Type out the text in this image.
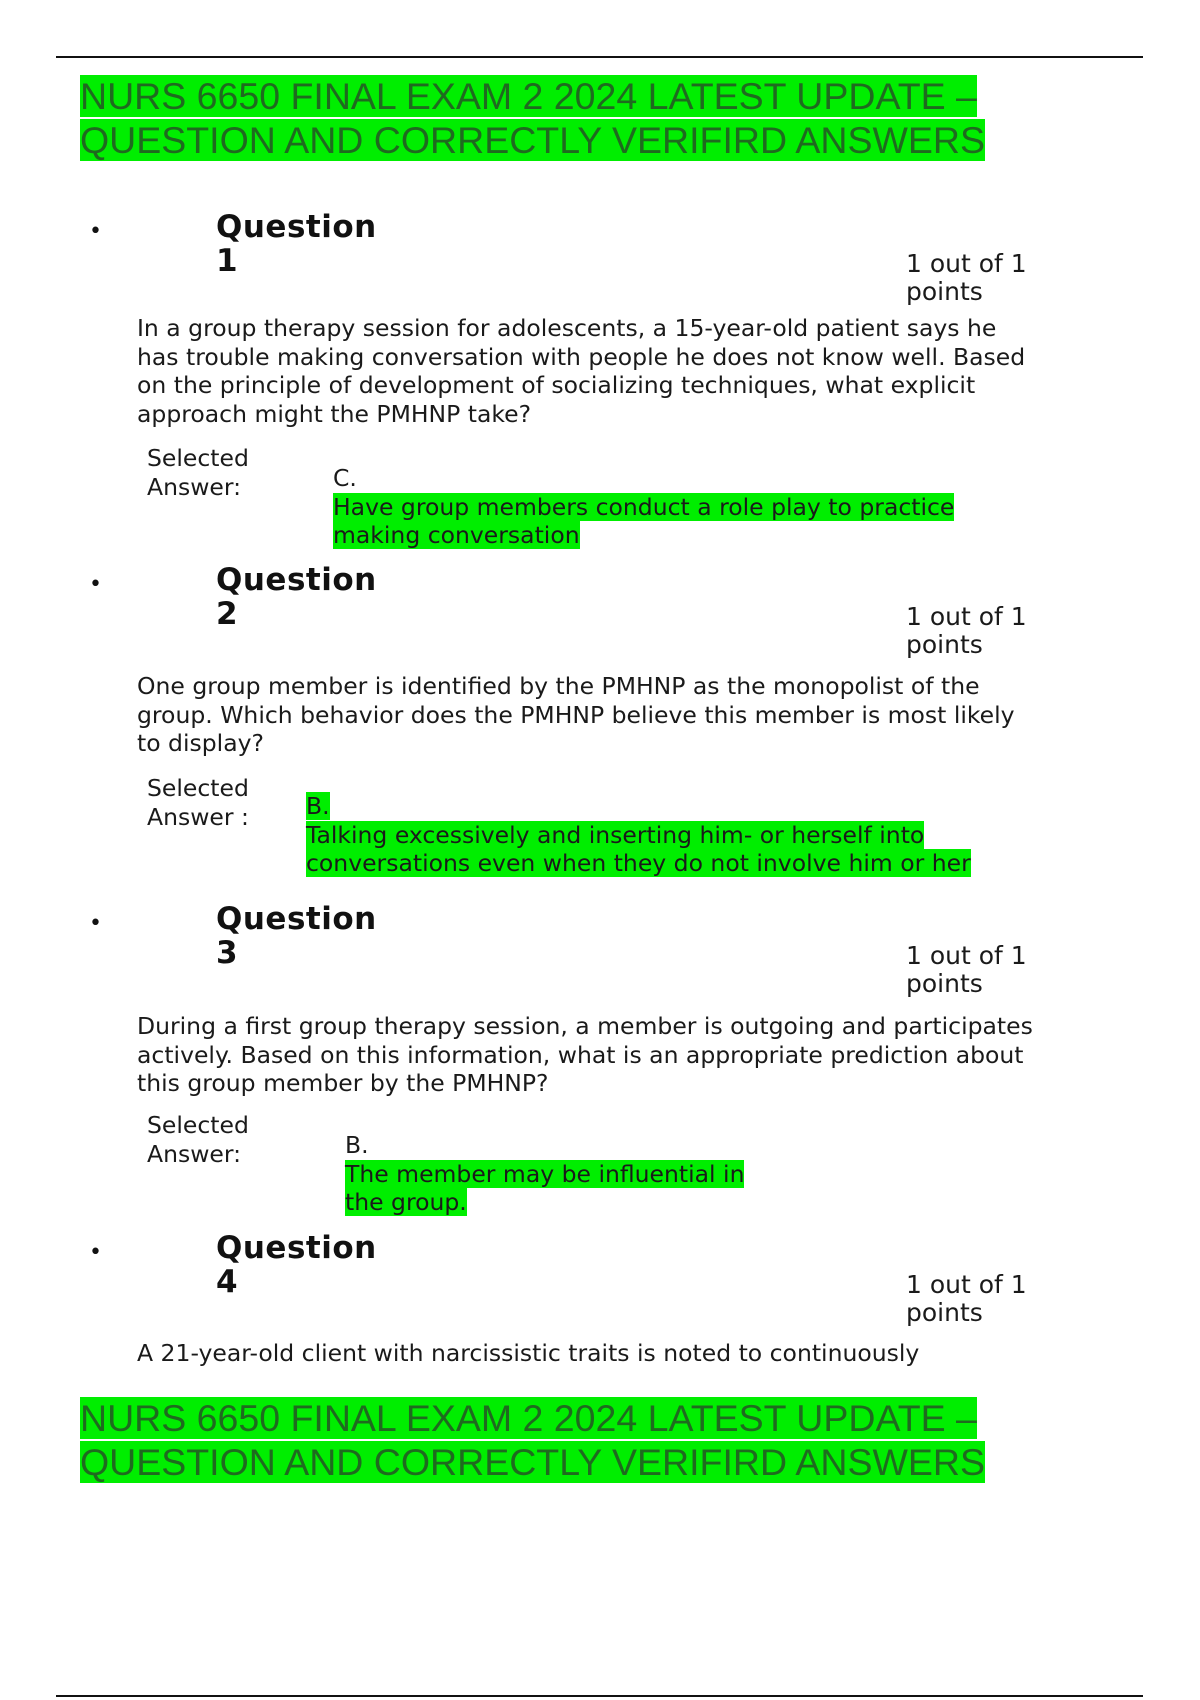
NURS 6650 FINAL EXAM 2 2024 LATEST UPDATE –
QUESTION AND CORRECTLY VERIFIRD ANSWERS
•	Question
1	1 out of 1 points
In a group therapy session for adolescents, a 15-year-old patient says he has trouble making conversation with people he does not know well. Based on the principle of development of socializing techniques, what explicit approach might the PMHNP take?
Selected Answer:	C.
Have group members conduct a role play to practice making conversation
•	Question
2	1 out of 1 points
One group member is identified by the PMHNP as the monopolist of the group. Which behavior does the PMHNP believe this member is most likely to display?
Selected Answer : B.
Talking excessively and inserting him- or herself into conversations even when they do not involve him or her
•	Question
3	1 out of 1 points
During a first group therapy session, a member is outgoing and participates actively. Based on this information, what is an appropriate prediction about this group member by the PMHNP?
Selected Answer:	B.
The member may be influential in the group.
•	Question
4	1 out of 1 points
A 21-year-old client with narcissistic traits is noted to continuously
NURS 6650 FINAL EXAM 2 2024 LATEST UPDATE –
QUESTION AND CORRECTLY VERIFIRD ANSWERS
